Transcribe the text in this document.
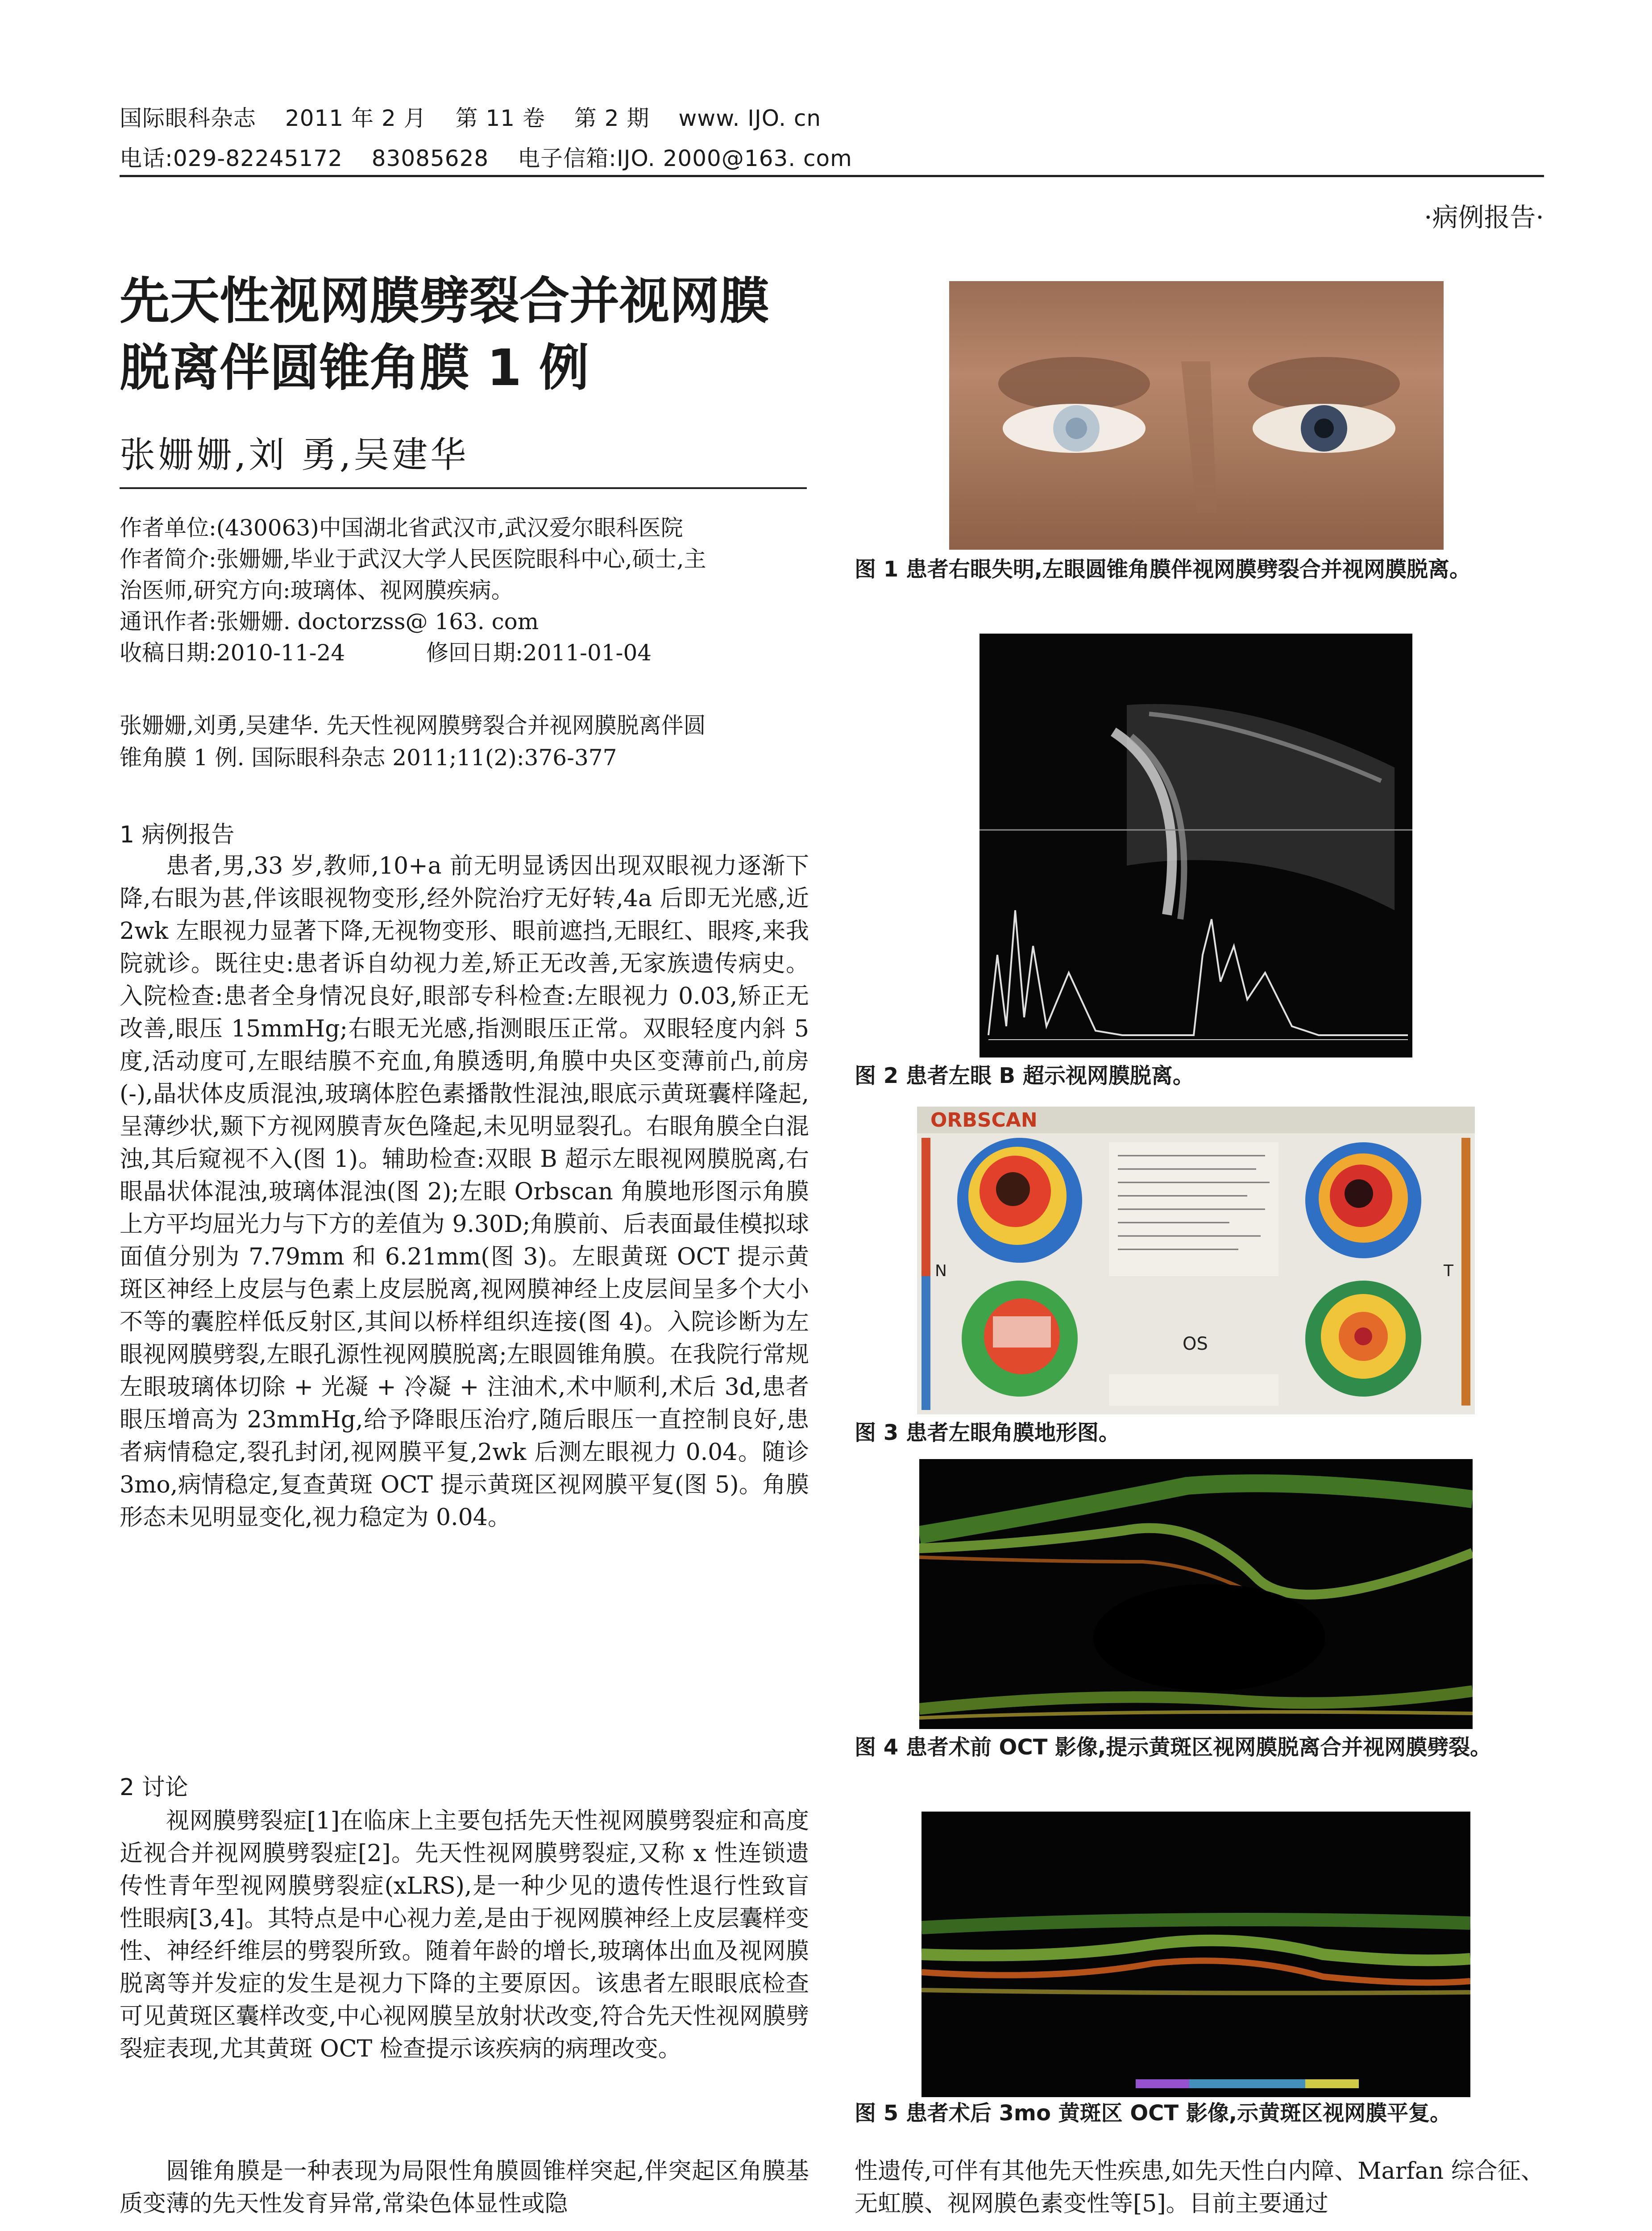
国际眼科杂志 2011 年 2 月 第 11 卷 第 2 期 www. IJO. cn
电话:029-82245172 83085628 电子信箱:IJO. 2000@163. com
·病例报告·
先天性视网膜劈裂合并视网膜
脱离伴圆锥角膜 1 例
张姗姗,刘 勇,吴建华

作者单位:(430063)中国湖北省武汉市,武汉爱尔眼科医院

作者简介:张姗姗,毕业于武汉大学人民医院眼科中心,硕士,主

治医师,研究方向:玻璃体、视网膜疾病。

通讯作者:张姗姗. doctorzss@ 163. com

收稿日期:2010-11-24	修回日期:2011-01-04

张姗姗,刘勇,吴建华. 先天性视网膜劈裂合并视网膜脱离伴圆
锥角膜 1 例. 国际眼科杂志 2011;11(2):376-377
1 病例报告

患者,男,33 岁,教师,10+a 前无明显诱因出现双眼视力逐渐下降,右眼为甚,伴该眼视物变形,经外院治疗无好转,4a 后即无光感,近 2wk 左眼视力显著下降,无视物变形、眼前遮挡,无眼红、眼疼,来我院就诊。既往史:患者诉自幼视力差,矫正无改善,无家族遗传病史。入院检查:患者全身情况良好,眼部专科检查:左眼视力 0.03,矫正无改善,眼压 15mmHg;右眼无光感,指测眼压正常。双眼轻度内斜 5 度,活动度可,左眼结膜不充血,角膜透明,角膜中央区变薄前凸,前房(-),晶状体皮质混浊,玻璃体腔色素播散性混浊,眼底示黄斑囊样隆起,呈薄纱状,颞下方视网膜青灰色隆起,未见明显裂孔。右眼角膜全白混浊,其后窥视不入(图 1)。辅助检查:双眼 B 超示左眼视网膜脱离,右眼晶状体混浊,玻璃体混浊(图 2);左眼 Orbscan 角膜地形图示角膜上方平均屈光力与下方的差值为 9.30D;角膜前、后表面最佳模拟球面值分别为 7.79mm 和 6.21mm(图 3)。左眼黄斑 OCT 提示黄斑区神经上皮层与色素上皮层脱离,视网膜神经上皮层间呈多个大小不等的囊腔样低反射区,其间以桥样组织连接(图 4)。入院诊断为左眼视网膜劈裂,左眼孔源性视网膜脱离;左眼圆锥角膜。在我院行常规左眼玻璃体切除 + 光凝 + 冷凝 + 注油术,术中顺利,术后 3d,患者眼压增高为 23mmHg,给予降眼压治疗,随后眼压一直控制良好,患者病情稳定,裂孔封闭,视网膜平复,2wk 后测左眼视力 0.04。随诊 3mo,病情稳定,复查黄斑 OCT 提示黄斑区视网膜平复(图 5)。角膜形态未见明显变化,视力稳定为 0.04。

2 讨论

视网膜劈裂症[1]在临床上主要包括先天性视网膜劈裂症和高度近视合并视网膜劈裂症[2]。先天性视网膜劈裂症,又称 x 性连锁遗传性青年型视网膜劈裂症(xLRS),是一种少见的遗传性退行性致盲性眼病[3,4]。其特点是中心视力差,是由于视网膜神经上皮层囊样变性、神经纤维层的劈裂所致。随着年龄的增长,玻璃体出血及视网膜脱离等并发症的发生是视力下降的主要原因。该患者左眼眼底检查可见黄斑区囊样改变,中心视网膜呈放射状改变,符合先天性视网膜劈裂症表现,尤其黄斑 OCT 检查提示该疾病的病理改变。

圆锥角膜是一种表现为局限性角膜圆锥样突起,伴突起区角膜基质变薄的先天性发育异常,常染色体显性或隐

图 1 患者右眼失明,左眼圆锥角膜伴视网膜劈裂合并视网膜脱离。
图 2 患者左眼 B 超示视网膜脱离。
ORBSCAN
N	T
OS
图 3 患者左眼角膜地形图。
图 4 患者术前 OCT 影像,提示黄斑区视网膜脱离合并视网膜劈裂。
图 5 患者术后 3mo 黄斑区 OCT 影像,示黄斑区视网膜平复。

性遗传,可伴有其他先天性疾患,如先天性白内障、Marfan 综合征、无虹膜、视网膜色素变性等[5]。目前主要通过
